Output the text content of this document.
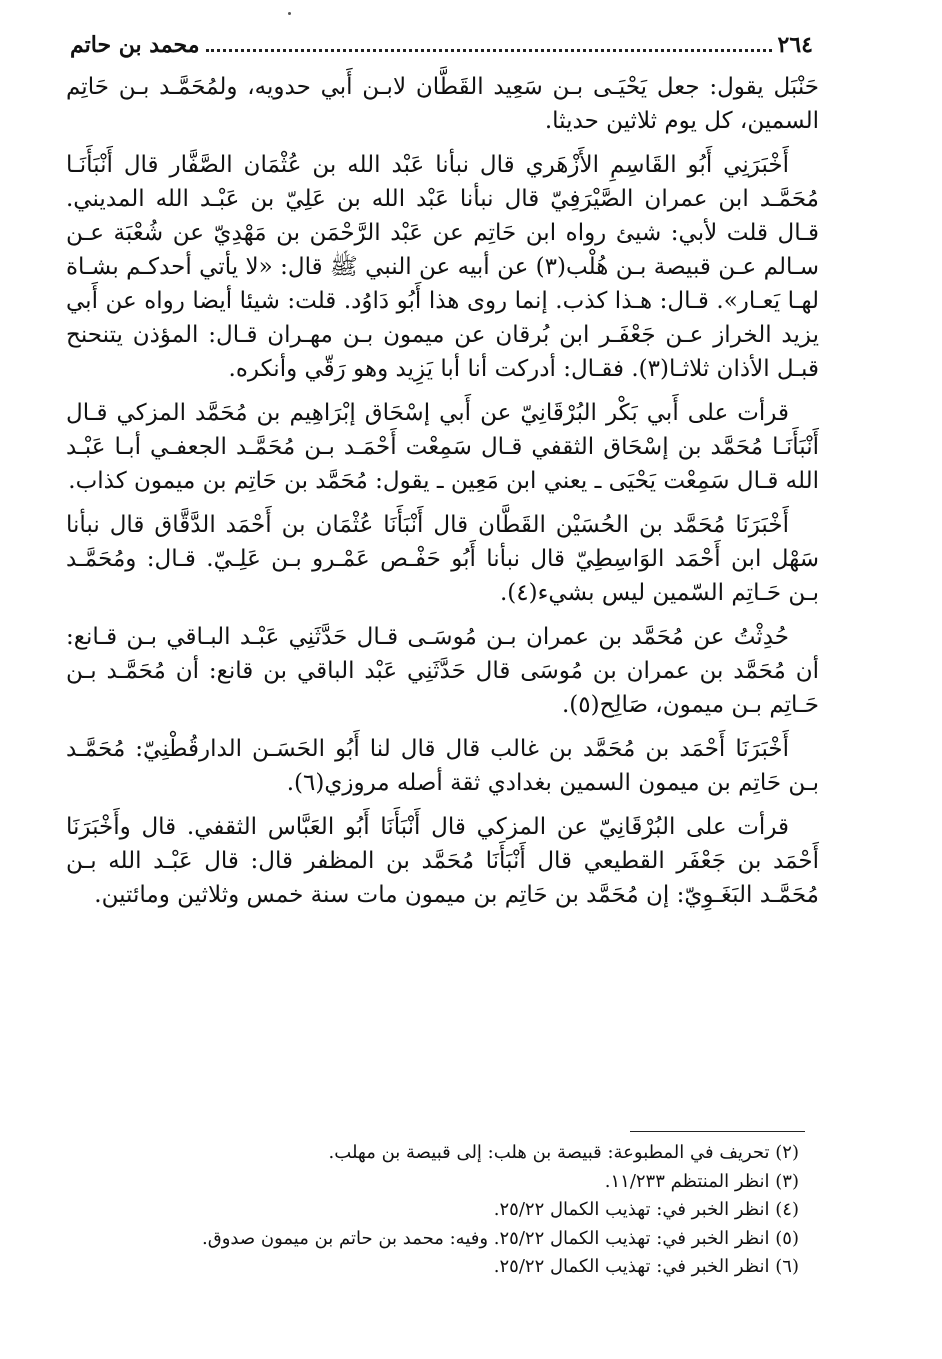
٢٦٤
محمد بن حاتم

حَنْبَل يقول: جعل يَحْيَـى بـن سَعِيد القَطَّان لابـن أَبي حدويه، ولمُحَمَّـد بـن حَاتِم السمين، كل يوم ثلاثين حديثا.

أَخْبَرَنِي أَبُو القَاسِمِ الأَزْهَري قال نبأنا عَبْد الله بن عُثْمَان الصَّفَّار قال أَنْبَأَنَـا مُحَمَّـد ابن عمران الصَّيْرَفِيّ قال نبأنا عَبْد الله بن عَلِيّ بن عَبْـد الله المديني. قـال قلت لأبي: شيئ رواه ابن حَاتِم عن عَبْد الرَّحْمَن بن مَهْدِيّ عن شُعْبَة عـن سـالم عـن قبيصة بـن هُلْب(٣) عن أبيه عن النبي ﷺ قال: «لا يأتي أحدكـم بشـاة لهـا يَعـار». قـال: هـذا كذب. إنما روى هذا أَبُو دَاوُد. قلت: شيئا أيضا رواه عن أَبي يزيد الخراز عـن جَعْفَـر ابن بُرقان عن ميمون بـن مهـران قـال: المؤذن يتنحنح قبـل الأذان ثلاثـا(٣). فقـال: أدركت أنا أبا يَزِيد وهو رَقّي وأنكره.

قرأت على أَبي بَكْر البُرْقَانِيّ عن أَبي إسْحَاق إبْرَاهِيم بن مُحَمَّد المزكي قـال أَنْبَأَنَـا مُحَمَّد بن إسْحَاق الثقفي قـال سَمِعْت أَحْمَـد بـن مُحَمَّـد الجعفـي أبـا عَبْـد الله قـال سَمِعْت يَحْيَى ـ يعني ابن مَعِين ـ يقول: مُحَمَّد بن حَاتِم بن ميمون كذاب.

أَخْبَرَنَا مُحَمَّد بن الحُسَيْن القَطَّان قال أَنْبَأَنَا عُثْمَان بن أَحْمَد الدَّقَّاق قال نبأنا سَهْل ابن أَحْمَد الوَاسِطِيّ قال نبأنا أَبُو حَفْـص عَمْـرو بـن عَلِـيّ. قـال: ومُحَمَّـد بـن حَـاتِم السّمين ليس بشيء(٤).

حُدِثْتُ عن مُحَمَّد بن عمران بـن مُوسَـى قـال حَدَّثَنِي عَبْـد البـاقي بـن قـانع: أن مُحَمَّد بن عمران بن مُوسَى قال حَدَّثَنِي عَبْد الباقي بن قانع: أن مُحَمَّـد بـن حَـاتِم بـن ميمون، صَالِح(٥).

أَخْبَرَنَا أَحْمَد بن مُحَمَّد بن غالب قال قال لنا أَبُو الحَسَـن الدارقُطْنِيّ: مُحَمَّـد بـن حَاتِم بن ميمون السمين بغدادي ثقة أصله مروزي(٦).

قرأت على البُرْقَانِيّ عن المزكي قال أَنْبَأَنَا أَبُو العَبَّاس الثقفي. قال وأَخْبَرَنَا أَحْمَد بن جَعْفَر القطيعي قال أَنْبَأَنَا مُحَمَّد بن المظفر قال: قال عَبْـد الله بـن مُحَمَّـد البَغَـوِيّ: إن مُحَمَّد بن حَاتِم بن ميمون مات سنة خمس وثلاثين ومائتين.

(٢) تحريف في المطبوعة: قبيصة بن هلب: إلى قبيصة بن مهلب.
(٣) انظر المنتظم ١١/٢٣٣.
(٤) انظر الخبر في: تهذيب الكمال ٢٥/٢٢.
(٥) انظر الخبر في: تهذيب الكمال ٢٥/٢٢. وفيه: محمد بن حاتم بن ميمون صدوق.
(٦) انظر الخبر في: تهذيب الكمال ٢٥/٢٢.
